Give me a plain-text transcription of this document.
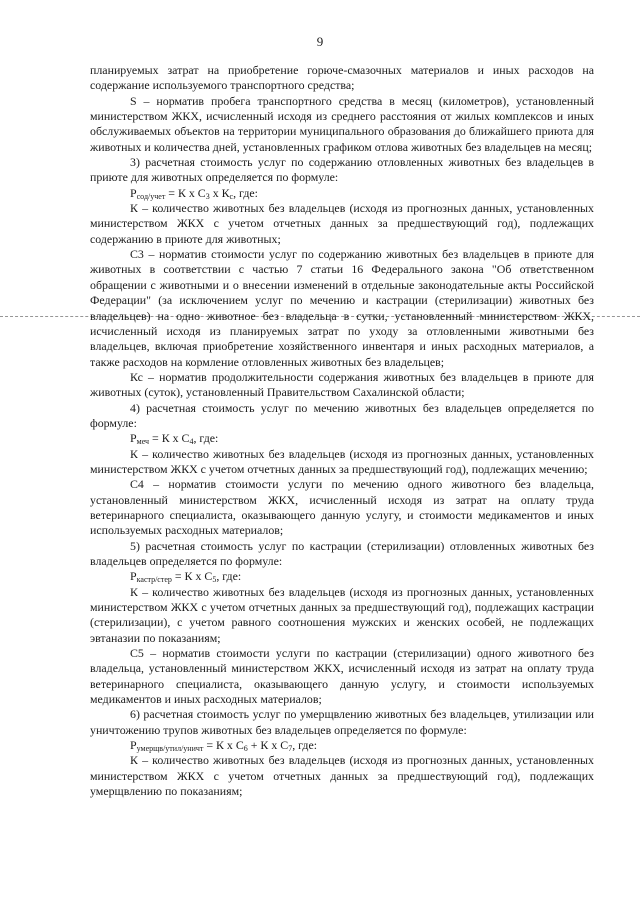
9

планируемых затрат на приобретение горюче-смазочных материалов и иных расходов на содержание используемого транспортного средства;

S – норматив пробега транспортного средства в месяц (километров), установленный министерством ЖКХ, исчисленный исходя из среднего расстояния от жилых комплексов и иных обслуживаемых объектов на территории муниципального образования до ближайшего приюта для животных и количества дней, установленных графиком отлова животных без владельцев на месяц;

3) расчетная стоимость услуг по содержанию отловленных животных без владельцев в приюте для животных определяется по формуле:

$Р_{сод/учет} = К$ х $С_3$ х $К_с$, где:

К – количество животных без владельцев (исходя из прогнозных данных, установленных министерством ЖКХ с учетом отчетных данных за предшествующий год), подлежащих содержанию в приюте для животных;

С3 – норматив стоимости услуг по содержанию животных без владельцев в приюте для животных в соответствии с частью 7 статьи 16 Федерального закона "Об ответственном обращении с животными и о внесении изменений в отдельные законодательные акты Российской Федерации" (за исключением услуг по мечению и кастрации (стерилизации) животных без владельцев) на одно животное без владельца в сутки, установленный министерством ЖКХ, исчисленный исходя из планируемых затрат по уходу за отловленными животными без владельцев, включая приобретение хозяйственного инвентаря и иных расходных материалов, а также расходов на кормление отловленных животных без владельцев;

Кс – норматив продолжительности содержания животных без владельцев в приюте для животных (суток), установленный Правительством Сахалинской области;

4) расчетная стоимость услуг по мечению животных без владельцев определяется по формуле:

$Р_{меч} = К$ х $С_4$, где:

К – количество животных без владельцев (исходя из прогнозных данных, установленных министерством ЖКХ с учетом отчетных данных за предшествующий год), подлежащих мечению;

С4 – норматив стоимости услуги по мечению одного животного без владельца, установленный министерством ЖКХ, исчисленный исходя из затрат на оплату труда ветеринарного специалиста, оказывающего данную услугу, и стоимости медикаментов и иных используемых расходных материалов;

5) расчетная стоимость услуг по кастрации (стерилизации) отловленных животных без владельцев определяется по формуле:

$Р_{кастр/стер} = К$ х $С_5$, где:

К – количество животных без владельцев (исходя из прогнозных данных, установленных министерством ЖКХ с учетом отчетных данных за предшествующий год), подлежащих кастрации (стерилизации), с учетом равного соотношения мужских и женских особей, не подлежащих эвтаназии по показаниям;

С5 – норматив стоимости услуги по кастрации (стерилизации) одного животного без владельца, установленный министерством ЖКХ, исчисленный исходя из затрат на оплату труда ветеринарного специалиста, оказывающего данную услугу, и стоимости используемых медикаментов и иных расходных материалов;

6) расчетная стоимость услуг по умерщвлению животных без владельцев, утилизации или уничтожению трупов животных без владельцев определяется по формуле:

$Р_{умерщв/утил/уничт} = К$ х $С_6 + К$ х $С_7$, где:

К – количество животных без владельцев (исходя из прогнозных данных, установленных министерством ЖКХ с учетом отчетных данных за предшествующий год), подлежащих умерщвлению по показаниям;
